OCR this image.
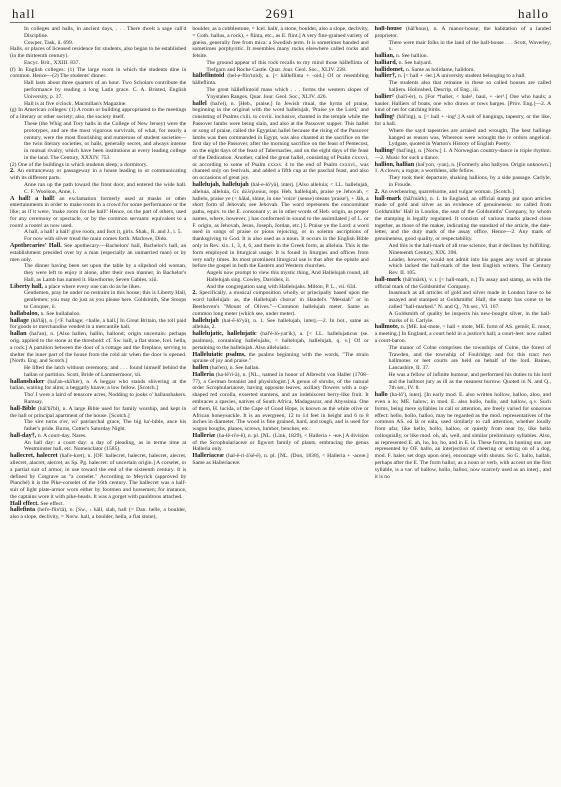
hall	2691	hallo

In colleges and halls, in ancient days, . . . There dwelt a sage call'd Discipline.

Cowper, Task, ii. 699.

Halls, or places of licensed residence for students, also began to be established (in the thirteenth century).

Encyc. Brit., XXIII. 837.

(f) In English colleges: (1) The large room in which the students dine in common. Hence—(2) The students' dinner.

Hall lasts about three quarters of an hour. Two Scholars contribute the performance by reading a long Latin grace. C. A. Bristed, English University, p. 37.

Hall is at five o'clock. Macmillan's Magazine.

(g) In American colleges: (1) A room or building appropriated to the meetings of a literary or other society; also, the society itself.

These (the Whig and Tory halls in the College of New Jersey) were the prototypes, and are the most vigorous survivals, of what, for nearly a century, were the most flourishing and numerous of student societies—the twin literary societies, or halls, generally secret, and always intense in mutual rivalry, which have been institutions at every leading college in the land. The Century, XXXIV. 753.

(2) One of the buildings in which students sleep; a dormitory.

2. An entranceway or passageway in a house leading to or communicating with its different parts.

Anne ran up the path toward the front door, and entered the wide hall. C. F. Woolson, Anne, i.

A hall! a hall! an exclamation formerly used at masks or other entertainments in order to make room in a crowd for some performance or the like; as if it were, 'make room for the hall!' Hence, on the part of others, used for any ceremony or spectacle, or by the common servants: equivalent to a room! a room! as now used.

A hall, a hall! a hall! give room, and foot it, girls. Shak., R. and J., i. 5.

For now with silver tread the main comes forth. Marlowe, Dido.

Apothecaries' Hall. See apothecary.—Bachelors' hall, Bachelor's hall, an establishment presided over by a man (especially an unmarried man) or by men only.

The dinner having been set upon the table by a slipshod old woman, they were left to enjoy it alone, after their own manner, in Bachelor's Hall, as Lamb has named it. Hawthorne, Seven Gables, xiii.

Liberty hall, a place where every one can do as he likes.

Gentlemen, pray be under no restraint in this house; this is Liberty Hall, gentlemen; you may do just as you please here. Goldsmith, She Stoops to Conquer, ii.

hallabaloo, n. See hullabaloo.

hallage (hâ'lāj), n. [<F. hallage; <halle, a hall.] In Great Britain, the toll paid for goods or merchandise vended in a mercantile hall.

hallan (hal'an), n. [Also hallen, hallin, hallond; origin uncertain: perhaps orig. applied to the stone at the threshold: cf. Sw. hall, a flat stone, Icel. hella, a rock.] A partition between the door of a cottage and the fireplace, serving to shelter the inner part of the house from the cold air when the door is opened. [North. Eng. and Scotch.]

He lifted the latch without ceremony, and . . . found himself behind the hallan or partition. Scott, Bride of Lammermoor, xii.

hallanshaker (hal'an-shā'kėr), n. A beggar who stands shivering at the hallan, waiting for alms; a beggarly knave; a low fellow. [Scotch.]

Tho' I were a laird of tenscore acres, Nodding to jooks o' hallanshakers. Ramsay.

hall-Bible (hâl'bī'bl), n. A large Bible used for family worship, and kept in the hall or principal apartment of the house. [Scotch.]

The sire turns o'er, wi' patriarchal grace, The big ha'-bible, ance his father's pride. Burns, Cotter's Saturday Night.

hall-day†, n. A court-day. Nares.

An hall day: a court day: a day of pleading, as in terme time at Westminster hall, etc. Nomenclator (1585).

hallecret, halecret (hal'e-kret), n. [OF. hallecret, halecret, halecret, alecret, allecret, alacret, alecret, as Sp. Pg. halecret: of uncertain origin.] A corselet, or a partial suit of armor, in use toward the end of the sixteenth century. It is defined by Cotgrave as "a corselet." According to Meyrick (approved by Planché) it is the Pike-corselet of the 16th century. The hallecret was a half-suit of light plate-armor worn either by footmen and horsemen; for instance, the captains wore it with pike-heads. It was a gorget with pauldrons attached.

Hall effect. See effect.

hallefinta (hel'e-flin'tä), n. [Sw., ‹ häll, slab, hall (= Dan. helle, a boulder, also a slope, declivity, = Norw. hall, a boulder, hella, a flat stone),

boulder, as a cobblestone, = Icel. hallr, a stone, boulder, also a slope, declivity, = Goth. hallus, a rock), + flinta, etc., as E. flint.] A very fine-grained variety of gneiss, generally free from mica: a Swedish term. It is sometimes banded and sometimes porphyritic. It resembles many rocks elsewhere called rocks and felsite.

The ground appear of this rock recalls to my mind those hälleflinta of Trefgarn and Roche Castle. Quar. Jour. Geol. Soc., XLIV. 228.

hälleflintoid (hel-e-flin'toid), a. [< hälleflinta + -oid.] Of or resembling hälleflinta.

The great hälleflintoid mass which . . . forms the western slopes of Ynystalen Ranges. Quar. Jour. Geol. Soc., XLIV. 426.

hallel (hal'el), n. [Heb., praise.] In Jewish ritual, the hymn of praise, beginning in the original with the word hallelujah, 'Praise ye the Lord,' and consisting of Psalms cxiii. to cxviii. inclusive, chanted in the temple while the Passover lambs were being slain, and also at the Passover supper. This hallel or song of praise, called the Egyptian hallel because the rising of the Passover lambs was then commanded in Egypt, was also chanted at the sacrifice on the first day of the Passover, after the morning sacrifice on the feast of Pentecost, on the eight days of the feast of Tabernacles, and on the eight days of the feast of the Dedication. Another, called the great hallel, consisting of Psalm cxxxvi, or according to some of Psalm cxxxv. 4 to the end of Psalm cxxxvi., was chanted only on festivals, and added a fifth cup at the paschal feast, and also on occasions of great joy.

hallelujah, hallelujah (hal-e-lö'yä), interj. [Also alleluia; < LL. hallelujah, alleluia, alleluia, Gr. ἀλληλούια, repr. Heb. hallelujah, praise ye Jehovah, < hallelu, praise ye (< hālal, shine, in one 'voice' (sense) means 'praise'), + Jāh, a short form of Jehovah; see Jehovah. The word represents the concomitant paths, equiv. to the E. consonant y; as in other words of Heb. origin, as proper names, where, however, j has conformed in sound to the assimilated j of L. or F. origin, as Jehovah, Jesus, Joseph, Jordan, etc.] I. Praise ye the Lord: a word used in songs of praise or pious rejoicing, or in solemn ascriptions of thanksgiving to God. It is also used as a noun. It occurs in the English Bible only in Rev. xix. 1, 3, 4, 6, and there in the Greek form, as alleluia. This is the form employed in liturgical usage. It is found in liturgies and offices from very early times. Its most prominent liturgical use is that after the epistle and before the gospel in both the Eastern and Western churches.

Angels now prompt to view this mystic thing, And Hallelujah round, all Hallelujah sing. Cowley, Davideis, ii.

And the congregation sang with Hallelujahs. Milton, P. L., vii. 634.

2. Specifically, a musical composition wholly or principally based upon the word hallelujah: as, the Hallelujah chorus' in Handel's "Messiah" or in Beethoven's "Mount of Olives."—Common hallelujah meter. Same as common long meter (which see, under meter).

hallelujah (hal-ē-lö'yä), n. 1. See hallelujah, interj.—2. In bot., same as alleluia, 2.

hallelujatic, hallelujatic (hal'ē-lö-yat'ik), a. [< LL. hallelujaticus (se. psalmus), containing hallelujahs, < hallelujah, hallelujah, q. v.] Of or pertaining to the hallelujah. Also alleluiatic.

Halleluiatic psalms, the psalms beginning with the words, "The strain upraise of joy and praise."

hallen (hal'en), n. See hallan.

Halleria (ha-lē'ri-ä), n. [NL., named in honor of Albrecht von Haller (1708–77), a German botanist and physiologist.] A genus of shrubs, of the natural order Scrophulariaceæ, having opposite leaves, axillary flowers with a cup-shaped red corolla, exserted stamens, and an indehiscent berry-like fruit. It embraces a species, natives of South Africa, Madagascar, and Abyssinia. One of them, H. lucida, of the Cape of Good Hope, is known as the white olive or African honeysuckle. It is an evergreen, 12 to 14 feet in height and 6 to 8 inches in diameter. The wood is fine grained, hard, and tough, and is used for wagon boughs, planes, screws, lumber, benches, etc.

Halleriæ (ha-lē-ri'e-ē), n. pl. [NL. (Link, 1829), < Halleria + -eæ.] A division of the Scrophulariaceæ or figwort family of plants, embracing the genus Halleria only.

Halleriaceæ (hal-ē-ri-ā'sē-ē), n. pl. [NL. (Don, 1838), < Halleria + -aceæ.] Same as Halleriaceæ.

hall-house (hâl'hous), n. A manor-house; the habitation of a landed proprietor.

There were mair folks in the land of the hall-house . . . Scott, Waverley, x.

hallian, n. See hallion.

halliard, n. See halyard.

hallidomet, n. Same as holidame, halidom.

hallier†, n. [< hall + -ier.] A university student belonging to a hall.

The students also that remaine in these so called houses are called halliers. Holinshed, Descrip. of Eng., iii.

hallier² (hal'i-ėr), n. [For *halier, < hale¹, haul, + -ier¹.] One who hauls; a hauler. Halliers of boats, one who draws or tows barges. [Prov. Eng.]—2. A kind of net for catching birds.

halling¹ (hâl'ing), n. [< hall + -ing¹.] A suit of hangings, tapestry, or the like, for a hall.

Where the sayd tapestries are arraied and wrought, The best hallinge hanged as reason was, Whereon were wrought the iv ordors angelical. Lydgate, quoted in Warton's History of English Poetry.

halling² (hal'ing), n. [Norw.] 1. A Norwegian country-dance in triple rhythm.—2. Music for such a dance.

hallion, hallian (hal'yon, -yan), n. [Formerly also hallyon. Origin unknown.] 1. A clown; a rogue; a worthless, idle fellow.

They took their departure, shaking hallions, by a side passage. Carlyle, in Froude.

2. An overbearing, quarrelsome, and vulgar woman. [Scotch.]

hall-mark (hâl'märk), n. 1. In England, an official stamp put upon articles made of gold and silver as an evidence of genuineness: so called from Goldsmiths' Hall in London, the seat of the Goldsmiths' Company, by whom the stamping is legally regulated. It consists of various marks placed close together, as those of the maker, indicating the standard of the article, the date-letter, and the duty mark of the assay office. Hence—2. Any mark of genuineness, good quality, or respectability.

And this is the hall-mark of all true science, that it declines by fulfilling. Nineteenth Century, XIX. 398.

Leader, however, would not admit into his pages any word or phrase which lacked the hall-mark of the best English writers. The Century Rev. II. 105.

hall-mark (hâl'märk), v. t. [< hall-mark, n.] To assay and stamp, as with the official mark of the Goldsmiths' Company.

Inasmuch as all articles of gold and silver made in London have to be assayed and stamped at Goldsmiths' Hall, the stamp has come to be called "hall-marked." N. and Q., 7th ser., VI. 167.

A Goldsmith of quality he inspects his new-bought silver, in the hall-marks of it. Carlyle.

hallmote, n. [ME. hal-mote, < hall + mote, ME. form of AS. gemōt, E. moot, a meeting.] In England, a court held in a justice's hall; a court-leet: now called a court-baron.

The manor of Colne comprises the townships of Colne, the forest of Trawden, and the township of Foulridge; and for this tract two hallmotes or leet courts are held on behalf of the lord. Baines, Lancashire, II. 37.

He was a fellow of infinite humour, and performed his duties to his lord and the hallmot jury as ill as the meanest burrow. Quoted in N. and Q., 7th ser., IV. 8.

hallo (ha-lō'), interj. [In early mod. E. also written hollow, halloo, aloo, and even a lo; ME. halow; in mod. E. also hollo, hullo, and hallow, q.v. Such forms, being mere syllables in call or attention, are freely varied for sonorous effect: hello, hollo, halloo, may be regarded as the mod. representatives of the common AS. eá lá or eála, used similarly to call attention, whether loudly from afar, like hello, hollo, halloo, or quietly from near by, like hello colloquially, or like mod. oh, ah, well, and similar preliminary syllables. Also, as represented E. ah, ho, ho, ho, and in E. la. These forms, in hunting use, are represented by OF. hallo, an interjection of cheering or setting on of a dog, mod. F. haler, set dogs upon one), encourage with shouts. So G. hallo, hallah, perhaps after the E. The form hallor, as a noun or verb, with accent on the first syllable, is a var. of hallow, hollo, halloo, now scarcely used as an interj., and it is no
